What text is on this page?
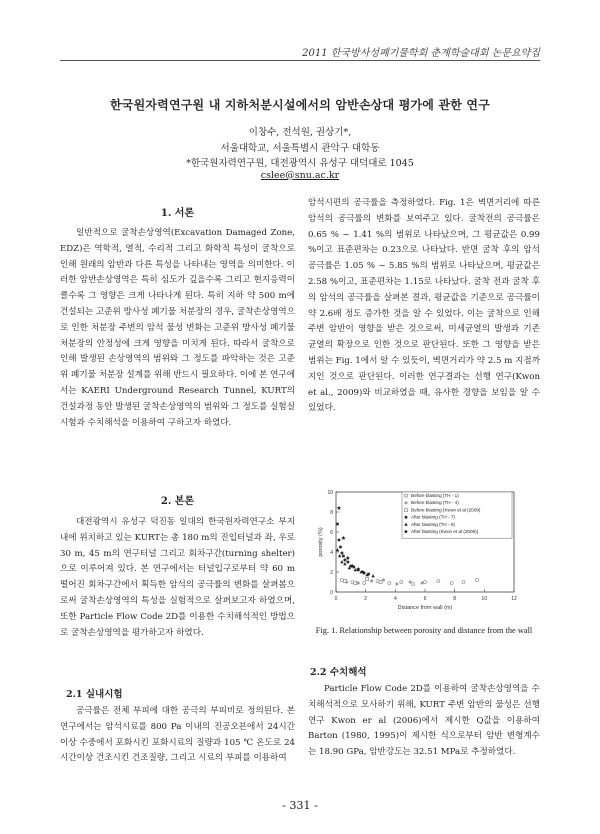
2011 한국방사성폐기물학회 춘계학술대회 논문요약집
한국원자력연구원 내 지하처분시설에서의 암반손상대 평가에 관한 연구
이창수, 전석원, 권상기*,
서울대학교, 서울특별시 관악구 대학동
*한국원자력연구원, 대전광역시 유성구 대덕대로 1045
cslee@snu.ac.kr
1. 서론

일반적으로 굴착손상영역(Excavation Damaged Zone, EDZ)은 역학적, 열적, 수리적 그리고 화학적 특성이 굴착으로 인해 원래의 암반과 다른 특성을 나타내는 영역을 의미한다. 이러한 암반손상영역은 특히 심도가 깊을수록 그리고 현지응력이 클수록 그 영향은 크게 나타나게 된다. 특히 지하 약 500 m에 건설되는 고준위 방사성 폐기물 처분장의 경우, 굴착손상영역으로 인한 처분장 주변의 암석 물성 변화는 고준위 방사성 폐기물 처분장의 안정성에 크게 영향을 미치게 된다. 따라서 굴착으로 인해 발생된 손상영역의 범위와 그 정도를 파악하는 것은 고준위 폐기물 처분장 설계를 위해 반드시 필요하다. 이에 본 연구에서는 KAERI Underground Research Tunnel, KURT의 건설과정 동안 발생된 굴착손상영역의 범위와 그 정도를 실험실 시험과 수치해석을 이용하여 구하고자 하였다.

2. 본론

대전광역시 유성구 덕진동 일대의 한국원자력연구소 부지 내에 위치하고 있는 KURT는 총 180 m의 진입터널과 좌, 우로 30 m, 45 m의 연구터널 그리고 회차구간(turning shelter)으로 이루어져 있다. 본 연구에서는 터널입구로부터 약 60 m 떨어진 회차구간에서 획득한 암석의 공극률의 변화를 살펴봄으로써 굴착손상영역의 특성을 실험적으로 살펴보고자 하였으며, 또한 Particle Flow Code 2D를 이용한 수치해석적인 방법으로 굴착손상영역을 평가하고자 하였다.

2.1 실내시험

공극률은 전체 부피에 대한 공극의 부피비로 정의된다. 본 연구에서는 암석시료를 800 Pa 이내의 진공오븐에서 24시간 이상 수중에서 포화시킨 포화시료의 질량과 105 ℃ 온도로 24시간이상 건조시킨 건조질량, 그리고 시료의 부피를 이용하여

암석시편의 공극률을 측정하였다. Fig. 1은 벽면거리에 따른 암석의 공극률의 변화를 보여주고 있다. 굴착전의 공극률은 0.65 % ~ 1.41 %의 범위로 나타났으며, 그 평균값은 0.99 %이고 표준편차는 0.23으로 나타났다. 반면 굴착 후의 암석 공극률은 1.05 % ~ 5.85 %의 범위로 나타났으며, 평균값은 2.58 %이고, 표준편차는 1.15로 나타났다. 굴착 전과 굴착 후의 암석의 공극률을 살펴본 결과, 평균값을 기준으로 공극률이 약 2.6배 정도 증가한 것을 알 수 있었다. 이는 굴착으로 인해 주변 암반이 영향을 받은 것으로써, 미세균열의 발생과 기존 균열의 확장으로 인한 것으로 판단된다. 또한 그 영향을 받은 범위는 Fig. 1에서 알 수 있듯이, 벽면거리가 약 2.5 m 지점까지인 것으로 판단된다. 이러한 연구결과는 선행 연구(Kwon et al., 2009)와 비교하였을 때, 유사한 경향을 보임을 알 수 있었다.

0	2	4	6	8	10	12
0
2
4
6
8
10
Distance from wall (m)
porosity (%)
★
★
★
★ ★
★
Before blasting (TH - 1)
Before blasting (TH - 4)
Before blasting (Kwon et al (2009)
After blasting (TH - 7)
After blasting (TH - 9)
★ After blasting (Kwon et al (2009))
Fig. 1. Relationship between porosity and distance from the wall
2.2 수치해석

Particle Flow Code 2D를 이용하여 굴착손상영역을 수치해석적으로 모사하기 위해, KURT 주변 암반의 물성은 선행연구 Kwon er al (2006)에서 제시한 Q값을 이용하여 Barton (1980, 1995)이 제시한 식으로부터 암반 변형계수는 18.90 GPa, 암반강도는 32.51 MPa로 추정하였다.

- 331 -
